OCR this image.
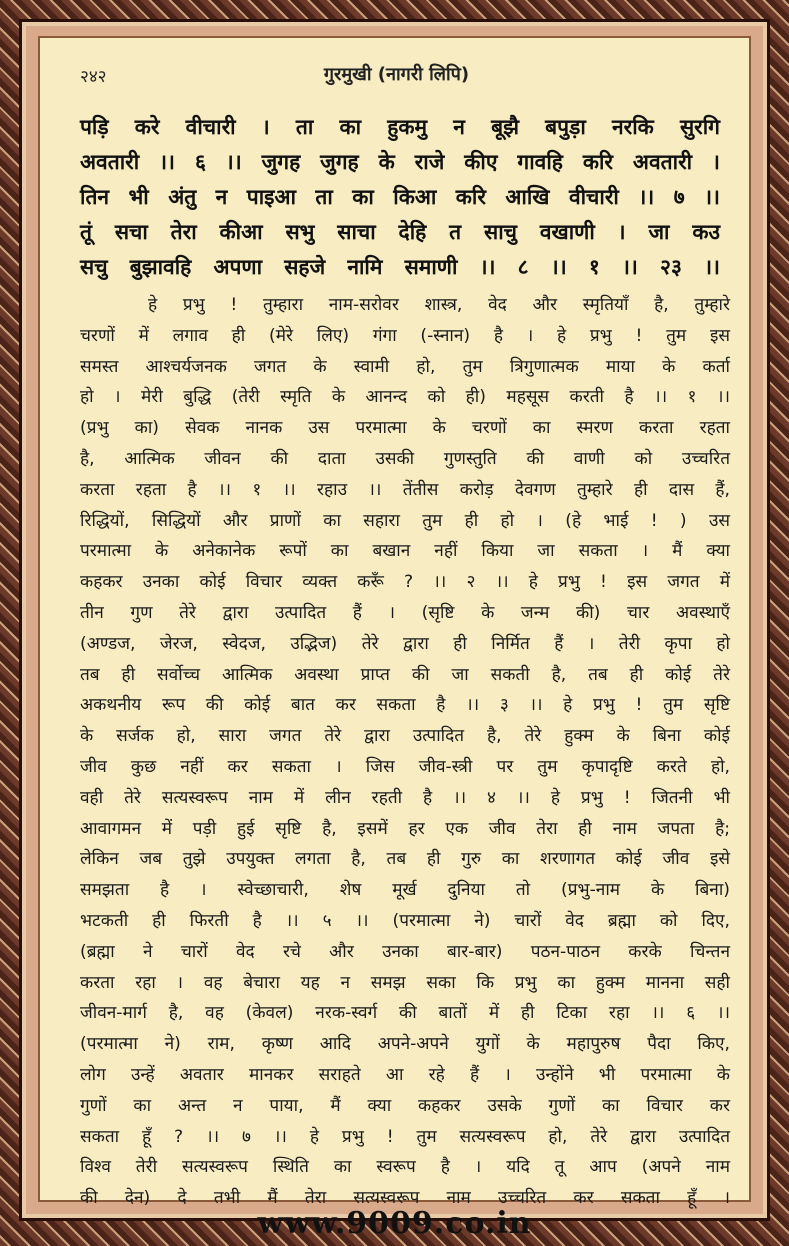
२४२	गुरमुखी (नागरी लिपि)
पड़ि करे वीचारी । ता का हुकमु न बूझै बपुड़ा नरकि सुरगि
अवतारी ।। ६ ।। जुगह जुगह के राजे कीए गावहि करि अवतारी ।
तिन भी अंतु न पाइआ ता का किआ करि आखि वीचारी ।। ७ ।।
तूं सचा तेरा कीआ सभु साचा देहि त साचु वखाणी । जा कउ
सचु बुझावहि अपणा सहजे नामि समाणी ।। ८ ।। १ ।। २३ ।।
हे प्रभु ! तुम्हारा नाम-सरोवर शास्त्र, वेद और स्मृतियाँ है, तुम्हारे
चरणों में लगाव ही (मेरे लिए) गंगा (-स्नान) है । हे प्रभु ! तुम इस
समस्त आश्चर्यजनक जगत के स्वामी हो, तुम त्रिगुणात्मक माया के कर्ता
हो । मेरी बुद्धि (तेरी स्मृति के आनन्द को ही) महसूस करती है ।। १ ।।
(प्रभु का) सेवक नानक उस परमात्मा के चरणों का स्मरण करता रहता
है, आत्मिक जीवन की दाता उसकी गुणस्तुति की वाणी को उच्चरित
करता रहता है ।। १ ।। रहाउ ।। तेंतीस करोड़ देवगण तुम्हारे ही दास हैं,
रिद्धियों, सिद्धियों और प्राणों का सहारा तुम ही हो । (हे भाई ! ) उस
परमात्मा के अनेकानेक रूपों का बखान नहीं किया जा सकता । मैं क्या
कहकर उनका कोई विचार व्यक्त करूँ ? ।। २ ।। हे प्रभु ! इस जगत में
तीन गुण तेरे द्वारा उत्पादित हैं । (सृष्टि के जन्म की) चार अवस्थाएँ
(अण्डज, जेरज, स्वेदज, उद्भिज) तेरे द्वारा ही निर्मित हैं । तेरी कृपा हो
तब ही सर्वोच्च आत्मिक अवस्था प्राप्त की जा सकती है, तब ही कोई तेरे
अकथनीय रूप की कोई बात कर सकता है ।। ३ ।। हे प्रभु ! तुम सृष्टि
के सर्जक हो, सारा जगत तेरे द्वारा उत्पादित है, तेरे हुक्म के बिना कोई
जीव कुछ नहीं कर सकता । जिस जीव-स्त्री पर तुम कृपादृष्टि करते हो,
वही तेरे सत्यस्वरूप नाम में लीन रहती है ।। ४ ।। हे प्रभु ! जितनी भी
आवागमन में पड़ी हुई सृष्टि है, इसमें हर एक जीव तेरा ही नाम जपता है;
लेकिन जब तुझे उपयुक्त लगता है, तब ही गुरु का शरणागत कोई जीव इसे
समझता है । स्वेच्छाचारी, शेष मूर्ख दुनिया तो (प्रभु-नाम के बिना)
भटकती ही फिरती है ।। ५ ।। (परमात्मा ने) चारों वेद ब्रह्मा को दिए,
(ब्रह्मा ने चारों वेद रचे और उनका बार-बार) पठन-पाठन करके चिन्तन
करता रहा । वह बेचारा यह न समझ सका कि प्रभु का हुक्म मानना सही
जीवन-मार्ग है, वह (केवल) नरक-स्वर्ग की बातों में ही टिका रहा ।। ६ ।।
(परमात्मा ने) राम, कृष्ण आदि अपने-अपने युगों के महापुरुष पैदा किए,
लोग उन्हें अवतार मानकर सराहते आ रहे हैं । उन्होंने भी परमात्मा के
गुणों का अन्त न पाया, मैं क्या कहकर उसके गुणों का विचार कर
सकता हूँ ? ।। ७ ।। हे प्रभु ! तुम सत्यस्वरूप हो, तेरे द्वारा उत्पादित
विश्व तेरी सत्यस्वरूप स्थिति का स्वरूप है । यदि तू आप (अपने नाम
की देन) दे तभी मैं तेरा सत्यस्वरूप नाम उच्चरित कर सकता हूँ ।
www.9009.co.in
